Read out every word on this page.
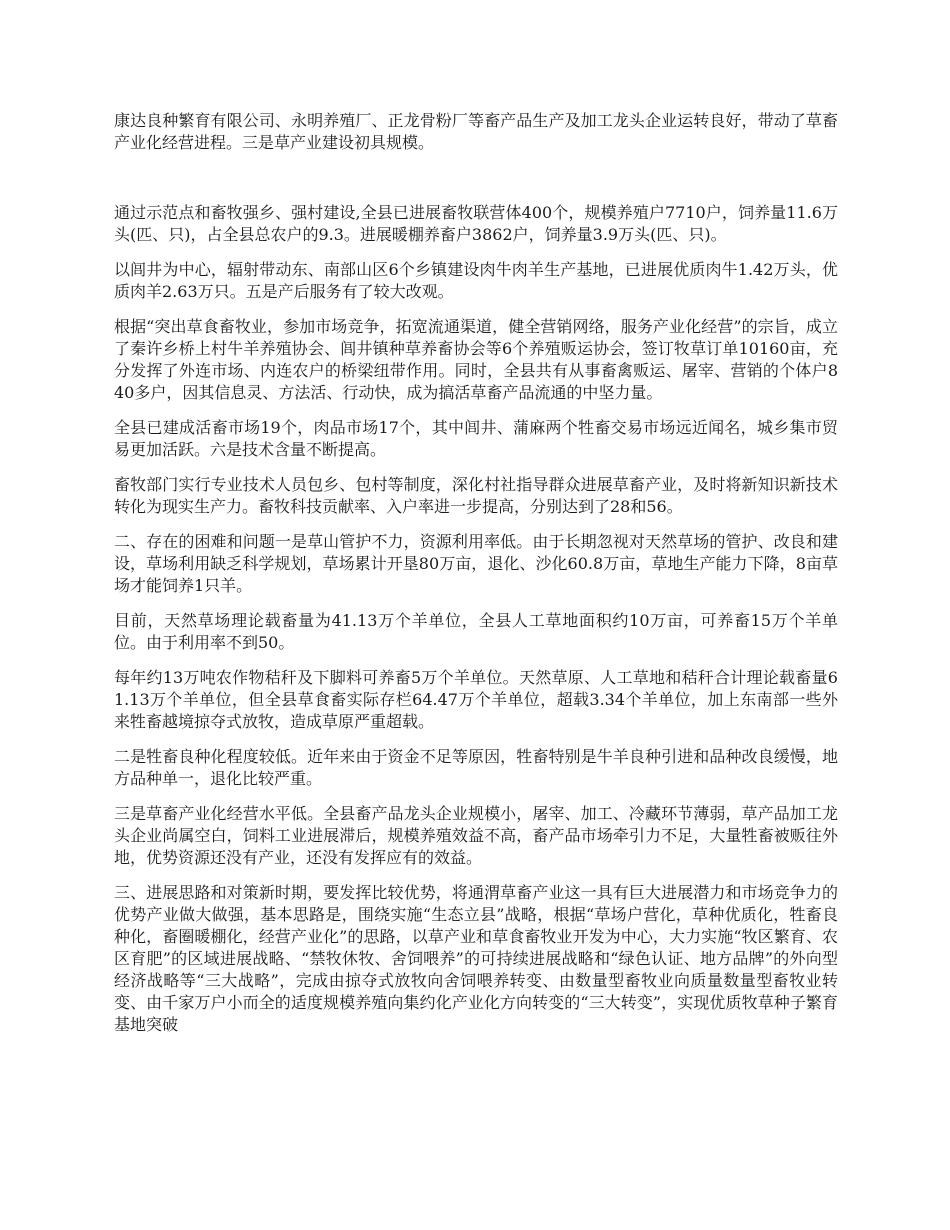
康达良种繁育有限公司、永明养殖厂、正龙骨粉厂等畜产品生产及加工龙头企业运转良好，带动了草畜产业化经营进程。三是草产业建设初具规模。

通过示范点和畜牧强乡、强村建设,全县已进展畜牧联营体400个，规模养殖户7710户，饲养量11.6万头(匹、只)，占全县总农户的9.3。进展暖棚养畜户3862户，饲养量3.9万头(匹、只)。

以闾井为中心，辐射带动东、南部山区6个乡镇建设肉牛肉羊生产基地，已进展优质肉牛1.42万头，优质肉羊2.63万只。五是产后服务有了较大改观。

根据“突出草食畜牧业，参加市场竞争，拓宽流通渠道，健全营销网络，服务产业化经营”的宗旨，成立了秦许乡桥上村牛羊养殖协会、闾井镇种草养畜协会等6个养殖贩运协会，签订牧草订单10160亩，充分发挥了外连市场、内连农户的桥梁纽带作用。同时，全县共有从事畜禽贩运、屠宰、营销的个体户840多户，因其信息灵、方法活、行动快，成为搞活草畜产品流通的中坚力量。

全县已建成活畜市场19个，肉品市场17个，其中闾井、蒲麻两个牲畜交易市场远近闻名，城乡集市贸易更加活跃。六是技术含量不断提高。

畜牧部门实行专业技术人员包乡、包村等制度，深化村社指导群众进展草畜产业，及时将新知识新技术转化为现实生产力。畜牧科技贡献率、入户率进一步提高，分别达到了28和56。

二、存在的困难和问题一是草山管护不力，资源利用率低。由于长期忽视对天然草场的管护、改良和建设，草场利用缺乏科学规划，草场累计开垦80万亩，退化、沙化60.8万亩，草地生产能力下降，8亩草场才能饲养1只羊。

目前，天然草场理论载畜量为41.13万个羊单位，全县人工草地面积约10万亩，可养畜15万个羊单位。由于利用率不到50。

每年约13万吨农作物秸秆及下脚料可养畜5万个羊单位。天然草原、人工草地和秸秆合计理论载畜量61.13万个羊单位，但全县草食畜实际存栏64.47万个羊单位，超载3.34个羊单位，加上东南部一些外来牲畜越境掠夺式放牧，造成草原严重超载。

二是牲畜良种化程度较低。近年来由于资金不足等原因，牲畜特别是牛羊良种引进和品种改良缓慢，地方品种单一，退化比较严重。

三是草畜产业化经营水平低。全县畜产品龙头企业规模小，屠宰、加工、冷藏环节薄弱，草产品加工龙头企业尚属空白，饲料工业进展滞后，规模养殖效益不高，畜产品市场牵引力不足，大量牲畜被贩往外地，优势资源还没有产业，还没有发挥应有的效益。

三、进展思路和对策新时期，要发挥比较优势，将通渭草畜产业这一具有巨大进展潜力和市场竞争力的优势产业做大做强，基本思路是，围绕实施“生态立县”战略，根据“草场户营化，草种优质化，牲畜良种化，畜圈暖棚化，经营产业化”的思路，以草产业和草食畜牧业开发为中心，大力实施“牧区繁育、农区育肥”的区域进展战略、“禁牧休牧、舍饲喂养”的可持续进展战略和“绿色认证、地方品牌”的外向型经济战略等“三大战略”，完成由掠夺式放牧向舍饲喂养转变、由数量型畜牧业向质量数量型畜牧业转变、由千家万户小而全的适度规模养殖向集约化产业化方向转变的“三大转变”，实现优质牧草种子繁育基地突破
